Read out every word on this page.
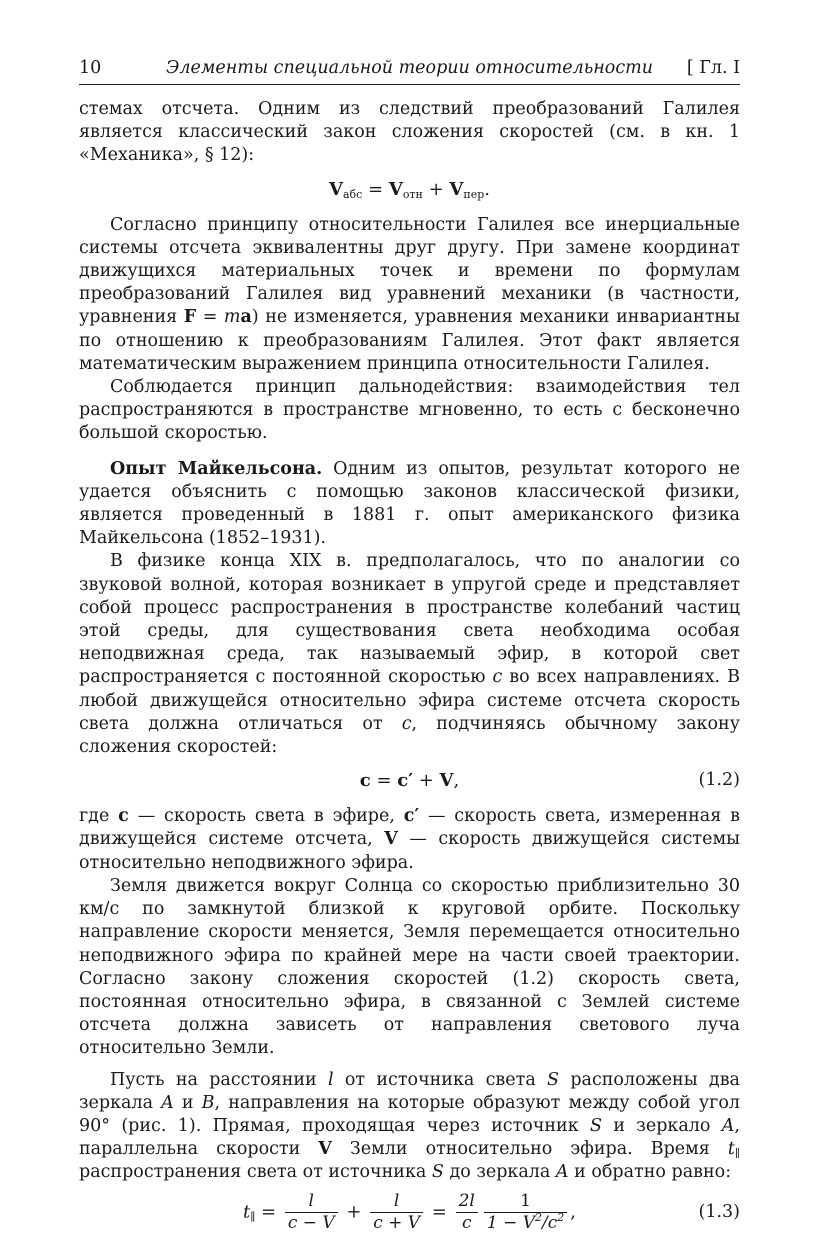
10	Элементы специальной теории относительности	[ Гл. I

стемах отсчета. Одним из следствий преобразований Галилея является классический закон сложения скоростей (см. в кн. 1 «Механика», § 12):

$V_{абс} = V_{отн} + V_{пер}$.

Согласно принципу относительности Галилея все инерциальные системы отсчета эквивалентны друг другу. При замене координат движущихся материальных точек и времени по формулам преобразований Галилея вид уравнений механики (в частности, уравнения F = ma) не изменяется, уравнения механики инвариантны по отношению к преобразованиям Галилея. Этот факт является математическим выражением принципа относительности Галилея.

Соблюдается принцип дальнодействия: взаимодействия тел распространяются в пространстве мгновенно, то есть с бесконечно большой скоростью.

Опыт Майкельсона. Одним из опытов, результат которого не удается объяснить с помощью законов классической физики, является проведенный в 1881 г. опыт американского физика Майкельсона (1852–1931).

В физике конца XIX в. предполагалось, что по аналогии со звуковой волной, которая возникает в упругой среде и представляет собой процесс распространения в пространстве колебаний частиц этой среды, для существования света необходима особая неподвижная среда, так называемый эфир, в которой свет распространяется с постоянной скоростью c во всех направлениях. В любой движущейся относительно эфира системе отсчета скорость света должна отличаться от c, подчиняясь обычному закону сложения скоростей:

c = c′ + V,	(1.2)

где c — скорость света в эфире, c′ — скорость света, измеренная в движущейся системе отсчета, V — скорость движущейся системы относительно неподвижного эфира.

Земля движется вокруг Солнца со скоростью приблизительно 30 км/с по замкнутой близкой к круговой орбите. Поскольку направление скорости меняется, Земля перемещается относительно неподвижного эфира по крайней мере на части своей траектории. Согласно закону сложения скоростей (1.2) скорость света, постоянная относительно эфира, в связанной с Землей системе отсчета должна зависеть от направления светового луча относительно Земли.

Пусть на расстоянии l от источника света S расположены два зеркала A и B, направления на которые образуют между собой угол 90° (рис. 1). Прямая, проходящая через источник S и зеркало A, параллельна скорости V Земли относительно эфира. Время $t_\parallel$ распространения света от источника S до зеркала A и обратно равно:

$t_\parallel = \frac{l}{c - V} + \frac{l}{c + V} = \frac{2l}{c} \frac{1}{1 - V^2/c^2}$ ,	(1.3)
